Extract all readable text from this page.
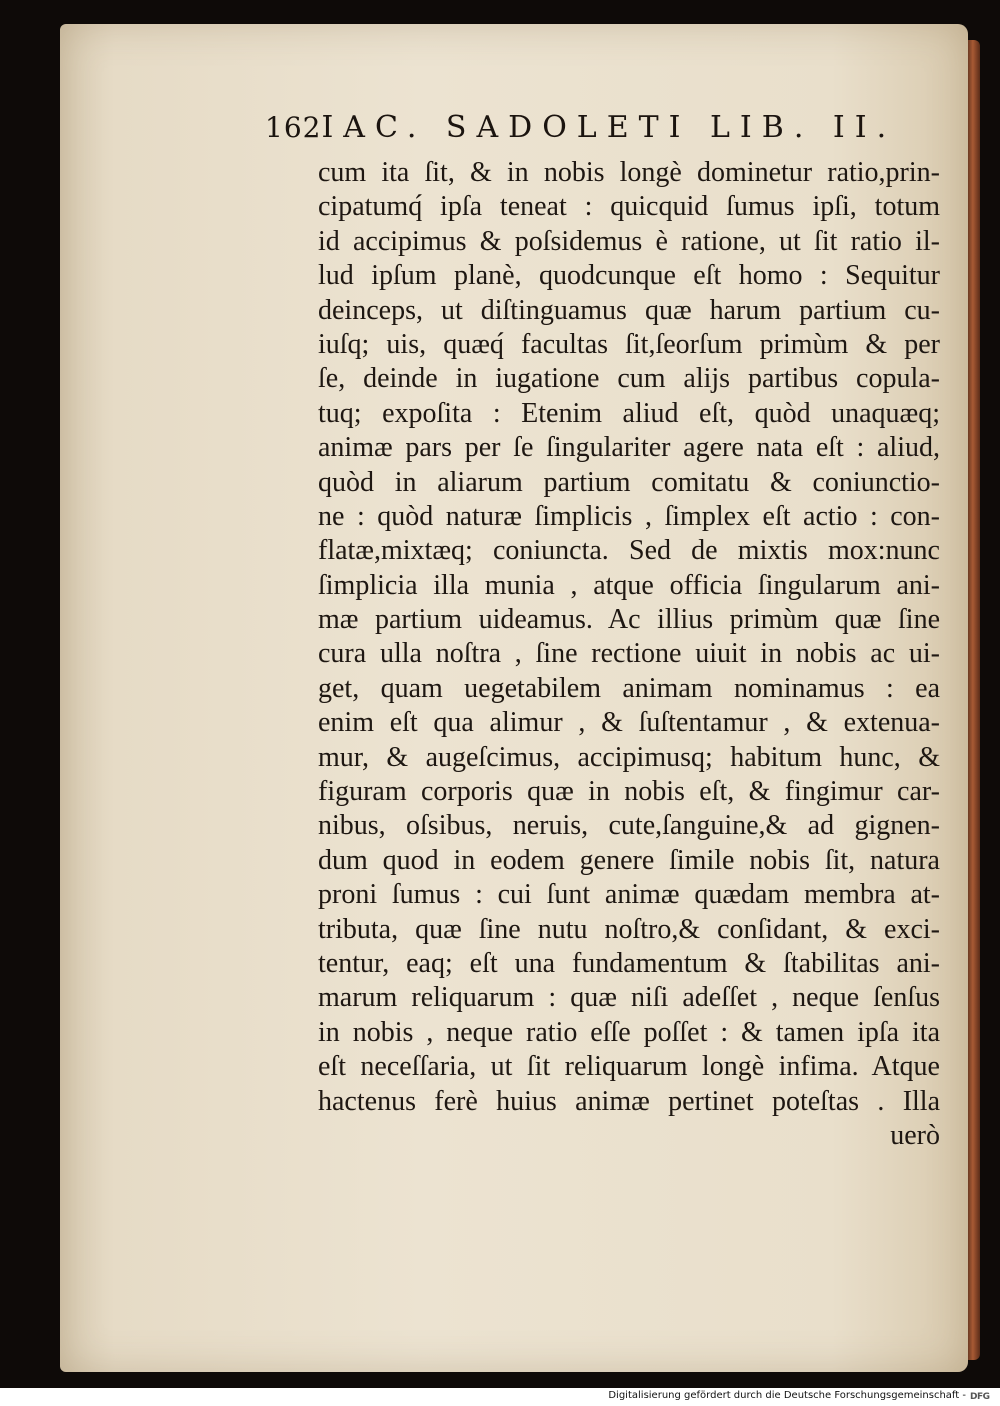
162 IAC. SADOLETI LIB. II.
cum ita ſit, & in nobis longè dominetur ratio,prin-
cipatumq́ ipſa teneat : quicquid ſumus ipſi, totum
id accipimus & poſsidemus è ratione, ut ſit ratio il-
lud ipſum planè, quodcunque eſt homo : Sequitur
deinceps, ut diſtinguamus quæ harum partium cu-
iuſq; uis, quæq́ facultas ſit,ſeorſum primùm & per
ſe, deinde in iugatione cum alijs partibus copula-
tuq; expoſita : Etenim aliud eſt, quòd unaquæq;
animæ pars per ſe ſingulariter agere nata eſt : aliud,
quòd in aliarum partium comitatu & coniunctio-
ne : quòd naturæ ſimplicis , ſimplex eſt actio : con-
flatæ,mixtæq; coniuncta. Sed de mixtis mox:nunc
ſimplicia illa munia , atque officia ſingularum ani-
mæ partium uideamus. Ac illius primùm quæ ſine
cura ulla noſtra , ſine rectione uiuit in nobis ac ui-
get, quam uegetabilem animam nominamus : ea
enim eſt qua alimur , & ſuſtentamur , & extenua-
mur, & augeſcimus, accipimusq; habitum hunc, &
figuram corporis quæ in nobis eſt, & fingimur car-
nibus, oſsibus, neruis, cute,ſanguine,& ad gignen-
dum quod in eodem genere ſimile nobis ſit, natura
proni ſumus : cui ſunt animæ quædam membra at-
tributa, quæ ſine nutu noſtro,& conſidant, & exci-
tentur, eaq; eſt una fundamentum & ſtabilitas ani-
marum reliquarum : quæ niſi adeſſet , neque ſenſus
in nobis , neque ratio eſſe poſſet : & tamen ipſa ita
eſt neceſſaria, ut ſit reliquarum longè infima. Atque
hactenus ferè huius animæ pertinet poteſtas . Illa
uerò
Digitalisierung gefördert durch die Deutsche Forschungsgemeinschaft - DFG
